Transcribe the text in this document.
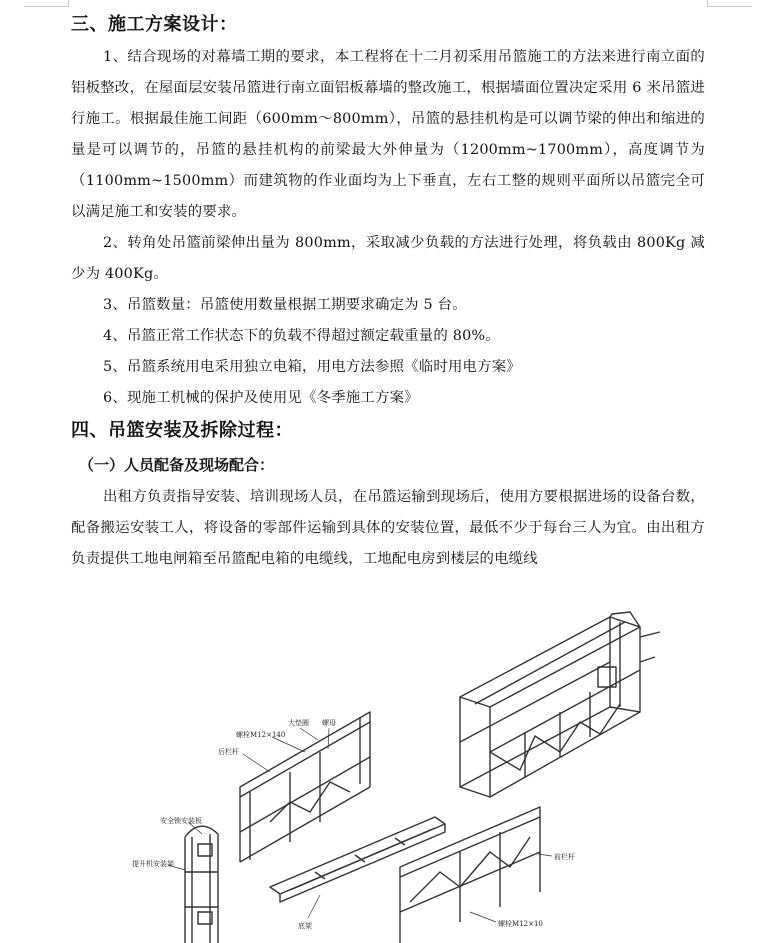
三、施工方案设计：

1、结合现场的对幕墙工期的要求，本工程将在十二月初采用吊篮施工的方法来进行南立面的铝板整改，在屋面层安装吊篮进行南立面铝板幕墙的整改施工，根据墙面位置决定采用 6 米吊篮进行施工。根据最佳施工间距（600mm～800mm），吊篮的悬挂机构是可以调节梁的伸出和缩进的量是可以调节的，吊篮的悬挂机构的前梁最大外伸量为（1200mm~1700mm），高度调节为（1100mm~1500mm）而建筑物的作业面均为上下垂直，左右工整的规则平面所以吊篮完全可以满足施工和安装的要求。

2、转角处吊篮前梁伸出量为 800mm，采取减少负载的方法进行处理，将负载由 800Kg 减少为 400Kg。

3、吊篮数量：吊篮使用数量根据工期要求确定为 5 台。

4、吊篮正常工作状态下的负载不得超过额定载重量的 80%。

5、吊篮系统用电采用独立电箱，用电方法参照《临时用电方案》

6、现施工机械的保护及使用见《冬季施工方案》

四、吊篮安装及拆除过程：
（一）人员配备及现场配合：

出租方负责指导安装、培训现场人员，在吊篮运输到现场后，使用方要根据进场的设备台数，配备搬运安装工人，将设备的零部件运输到具体的安装位置，最低不少于每台三人为宜。由出租方负责提供工地电闸箱至吊篮配电箱的电缆线，工地配电房到楼层的电缆线

大垫圈 螺母
螺栓M12×140
后栏杆
安全锁安装板
提升机安装架
底架
前栏杆
螺栓M12×10
